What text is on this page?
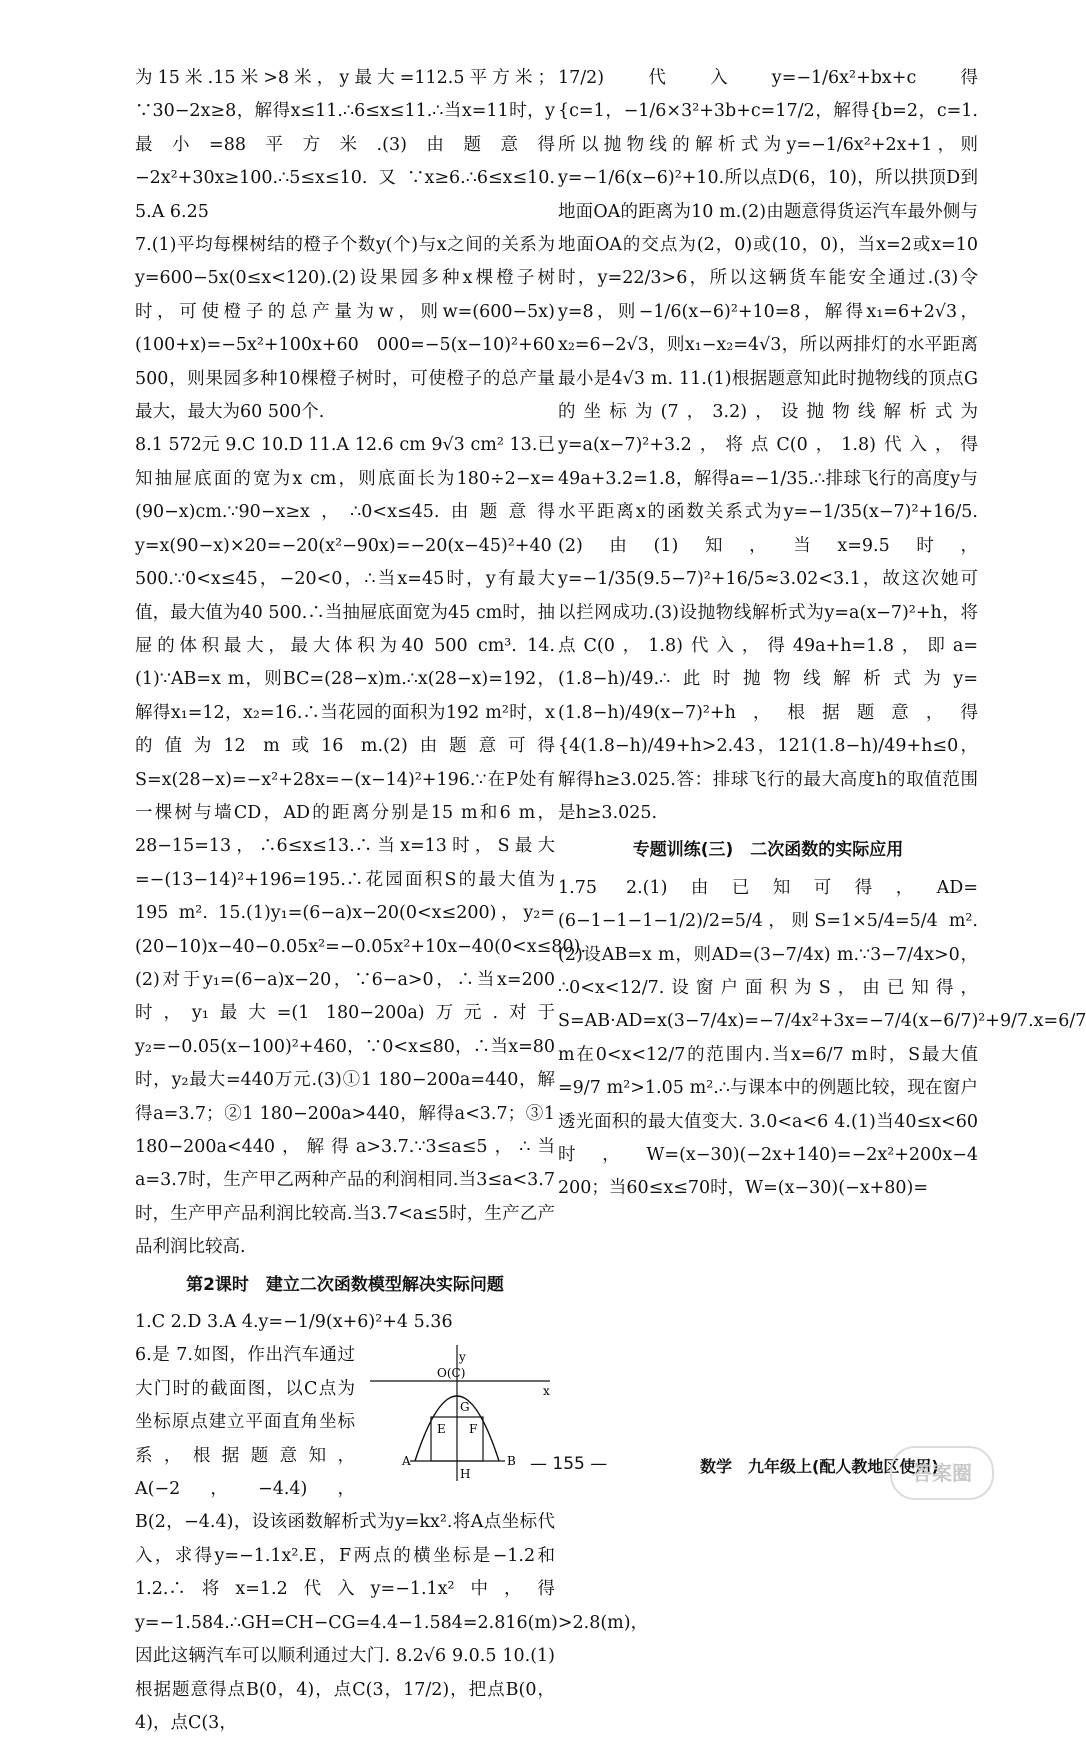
为15米.15米>8米，y最大=112.5平方米；∵30−2x≥8，解得x≤11.∴6≤x≤11.∴当x=11时，y最小=88平方米.(3)由题意得−2x²+30x≥100.∴5≤x≤10.又∵x≥6.∴6≤x≤10. 5.A 6.25

7.(1)平均每棵树结的橙子个数y(个)与x之间的关系为y=600−5x(0≤x<120).(2)设果园多种x棵橙子树时，可使橙子的总产量为w，则w=(600−5x)(100+x)=−5x²+100x+60 000=−5(x−10)²+60 500，则果园多种10棵橙子树时，可使橙子的总产量最大，最大为60 500个.

8.1 572元 9.C 10.D 11.A 12.6 cm 9√3 cm² 13.已知抽屉底面的宽为x cm，则底面长为180÷2−x=(90−x)cm.∵90−x≥x，∴0<x≤45.由题意得y=x(90−x)×20=−20(x²−90x)=−20(x−45)²+40 500.∵0<x≤45，−20<0，∴当x=45时，y有最大值，最大值为40 500.∴当抽屉底面宽为45 cm时，抽屉的体积最大，最大体积为40 500 cm³. 14.(1)∵AB=x m，则BC=(28−x)m.∴x(28−x)=192，解得x₁=12，x₂=16.∴当花园的面积为192 m²时，x的值为12 m或16 m.(2)由题意可得S=x(28−x)=−x²+28x=−(x−14)²+196.∵在P处有一棵树与墙CD，AD的距离分别是15 m和6 m，28−15=13，∴6≤x≤13.∴当x=13时，S最大=−(13−14)²+196=195.∴花园面积S的最大值为195 m². 15.(1)y₁=(6−a)x−20(0<x≤200)，y₂=(20−10)x−40−0.05x²=−0.05x²+10x−40(0<x≤80).(2)对于y₁=(6−a)x−20，∵6−a>0，∴当x=200时，y₁最大=(1 180−200a)万元.对于y₂=−0.05(x−100)²+460，∵0<x≤80，∴当x=80时，y₂最大=440万元.(3)①1 180−200a=440，解得a=3.7；②1 180−200a>440，解得a<3.7；③1 180−200a<440，解得a>3.7.∵3≤a≤5，∴当a=3.7时，生产甲乙两种产品的利润相同.当3≤a<3.7时，生产甲产品利润比较高.当3.7<a≤5时，生产乙产品利润比较高.

第2课时　建立二次函数模型解决实际问题

1.C 2.D 3.A 4.y=−1/9(x+6)²+4 5.36

y
x
O(C)
G
E F
A	B
H

6.是 7.如图，作出汽车通过大门时的截面图，以C点为坐标原点建立平面直角坐标系，根据题意知，A(−2，−4.4)，B(2，−4.4)，设该函数解析式为y=kx².将A点坐标代入，求得y=−1.1x².E，F两点的横坐标是−1.2和1.2.∴将x=1.2代入y=−1.1x²中，得y=−1.584.∴GH=CH−CG=4.4−1.584=2.816(m)>2.8(m)，因此这辆汽车可以顺利通过大门. 8.2√6 9.0.5 10.(1)根据题意得点B(0，4)，点C(3，17/2)，把点B(0，4)，点C(3，

17/2)代入y=−1/6x²+bx+c得 {c=1，−1/6×3²+3b+c=17/2，解得{b=2，c=1.所以抛物线的解析式为y=−1/6x²+2x+1，则y=−1/6(x−6)²+10.所以点D(6，10)，所以拱顶D到地面OA的距离为10 m.(2)由题意得货运汽车最外侧与地面OA的交点为(2，0)或(10，0)，当x=2或x=10时，y=22/3>6，所以这辆货车能安全通过.(3)令y=8，则−1/6(x−6)²+10=8，解得x₁=6+2√3，x₂=6−2√3，则x₁−x₂=4√3，所以两排灯的水平距离最小是4√3 m. 11.(1)根据题意知此时抛物线的顶点G的坐标为(7，3.2)，设抛物线解析式为y=a(x−7)²+3.2，将点C(0，1.8)代入，得49a+3.2=1.8，解得a=−1/35.∴排球飞行的高度y与水平距离x的函数关系式为y=−1/35(x−7)²+16/5.(2)由(1)知，当x=9.5时，y=−1/35(9.5−7)²+16/5≈3.02<3.1，故这次她可以拦网成功.(3)设抛物线解析式为y=a(x−7)²+h，将点C(0，1.8)代入，得49a+h=1.8，即a=(1.8−h)/49.∴此时抛物线解析式为y=(1.8−h)/49(x−7)²+h，根据题意，得 {4(1.8−h)/49+h>2.43，121(1.8−h)/49+h≤0，解得h≥3.025.答：排球飞行的最大高度h的取值范围是h≥3.025.

专题训练(三)　二次函数的实际应用

1.75 2.(1)由已知可得，AD=(6−1−1−1−1/2)/2=5/4，则S=1×5/4=5/4 m².(2)设AB=x m，则AD=(3−7/4x) m.∵3−7/4x>0，∴0<x<12/7.设窗户面积为S，由已知得，S=AB·AD=x(3−7/4x)=−7/4x²+3x=−7/4(x−6/7)²+9/7.x=6/7 m在0<x<12/7的范围内.当x=6/7 m时，S最大值=9/7 m²>1.05 m².∴与课本中的例题比较，现在窗户透光面积的最大值变大. 3.0<a<6 4.(1)当40≤x<60时，W=(x−30)(−2x+140)=−2x²+200x−4 200；当60≤x≤70时，W=(x−30)(−x+80)=

— 155 —	数学　九年级上(配人教地区使用)
答案圈
